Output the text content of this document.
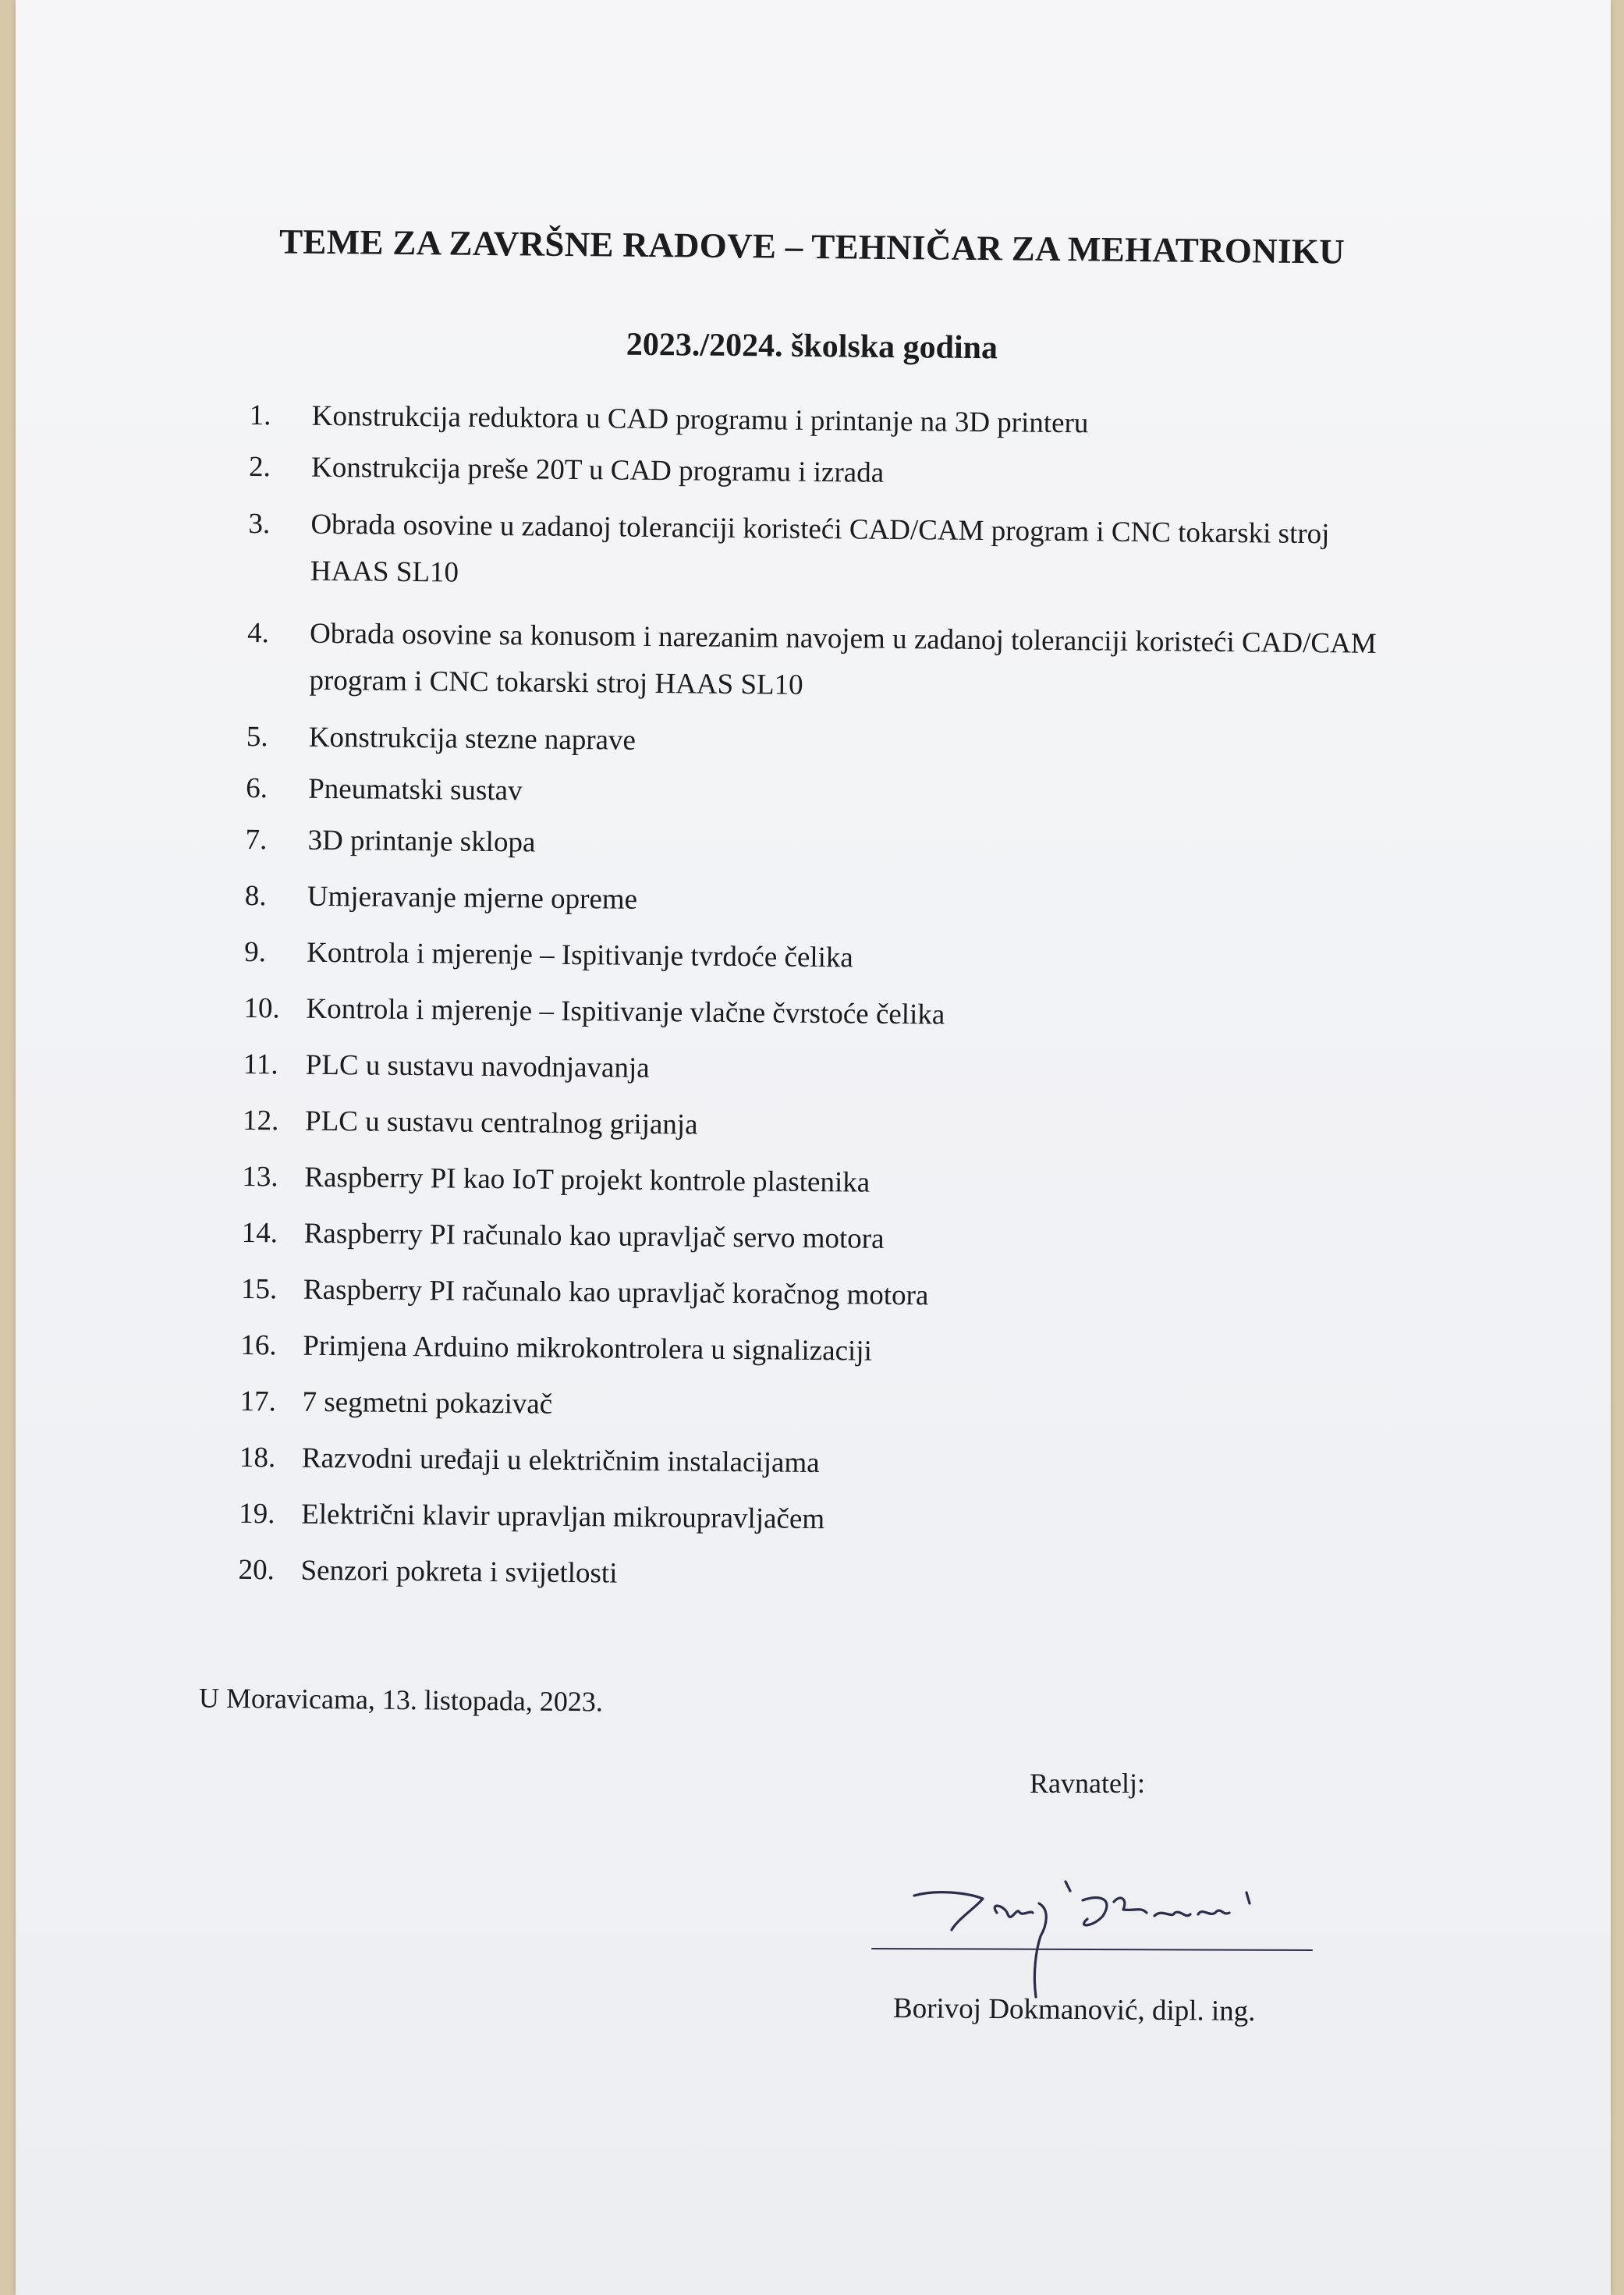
TEME ZA ZAVRŠNE RADOVE – TEHNIČAR ZA MEHATRONIKU
2023./2024. školska godina
1.	Konstrukcija reduktora u CAD programu i printanje na 3D printeru
2.	Konstrukcija preše 20T u CAD programu i izrada
3.	Obrada osovine u zadanoj toleranciji koristeći CAD/CAM program i CNC tokarski stroj HAAS SL10
4.	Obrada osovine sa konusom i narezanim navojem u zadanoj toleranciji koristeći CAD/CAM program i CNC tokarski stroj HAAS SL10
5.	Konstrukcija stezne naprave
6.	Pneumatski sustav
7.	3D printanje sklopa
8.	Umjeravanje mjerne opreme
9.	Kontrola i mjerenje – Ispitivanje tvrdoće čelika
10. Kontrola i mjerenje – Ispitivanje vlačne čvrstoće čelika
11. PLC u sustavu navodnjavanja
12. PLC u sustavu centralnog grijanja
13. Raspberry PI kao IoT projekt kontrole plastenika
14. Raspberry PI računalo kao upravljač servo motora
15. Raspberry PI računalo kao upravljač koračnog motora
16. Primjena Arduino mikrokontrolera u signalizaciji
17. 7 segmetni pokazivač
18. Razvodni uređaji u električnim instalacijama
19. Električni klavir upravljan mikroupravljačem
20. Senzori pokreta i svijetlosti

U Moravicama, 13. listopada, 2023.

Ravnatelj:

Borivoj Dokmanović, dipl. ing.
